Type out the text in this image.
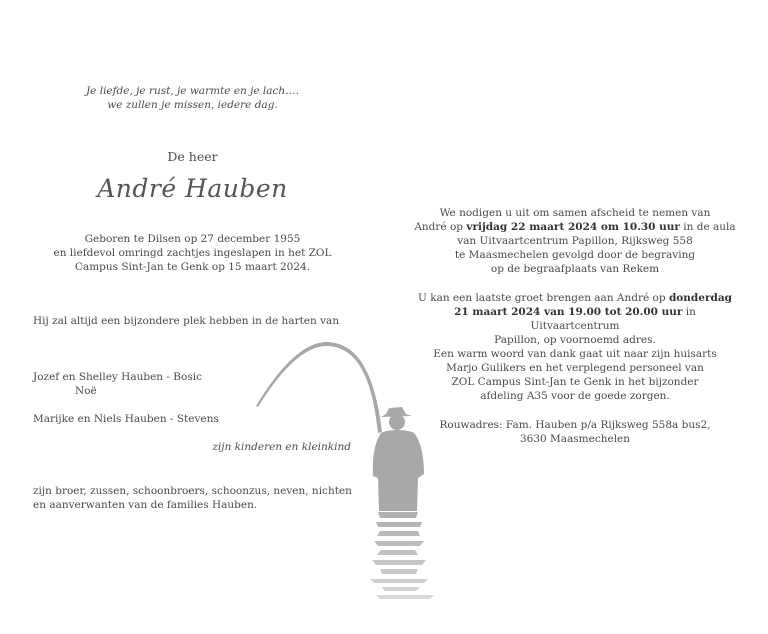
Je liefde, je rust, je warmte en je lach….
we zullen je missen, iedere dag.
De heer
André Hauben
Geboren te Dilsen op 27 december 1955
en liefdevol omringd zachtjes ingeslapen in het ZOL
Campus Sint-Jan te Genk op 15 maart 2024.
Hij zal altijd een bijzondere plek hebben in de harten van
Jozef en Shelley Hauben - Bosic
Noë
Marijke en Niels Hauben - Stevens
zijn kinderen en kleinkind
zijn broer, zussen, schoonbroers, schoonzus, neven, nichten
en aanverwanten van de families Hauben.
We nodigen u uit om samen afscheid te nemen van
André op vrijdag 22 maart 2024 om 10.30 uur in de aula
van Uitvaartcentrum Papillon, Rijksweg 558
te Maasmechelen gevolgd door de begraving
op de begraafplaats van Rekem
U kan een laatste groet brengen aan André op donderdag
21 maart 2024 van 19.00 tot 20.00 uur in Uitvaartcentrum
Papillon, op voornoemd adres.
Een warm woord van dank gaat uit naar zijn huisarts
Marjo Gulikers en het verplegend personeel van
ZOL Campus Sint-Jan te Genk in het bijzonder
afdeling A35 voor de goede zorgen.
Rouwadres: Fam. Hauben p/a Rijksweg 558a bus2,
3630 Maasmechelen
